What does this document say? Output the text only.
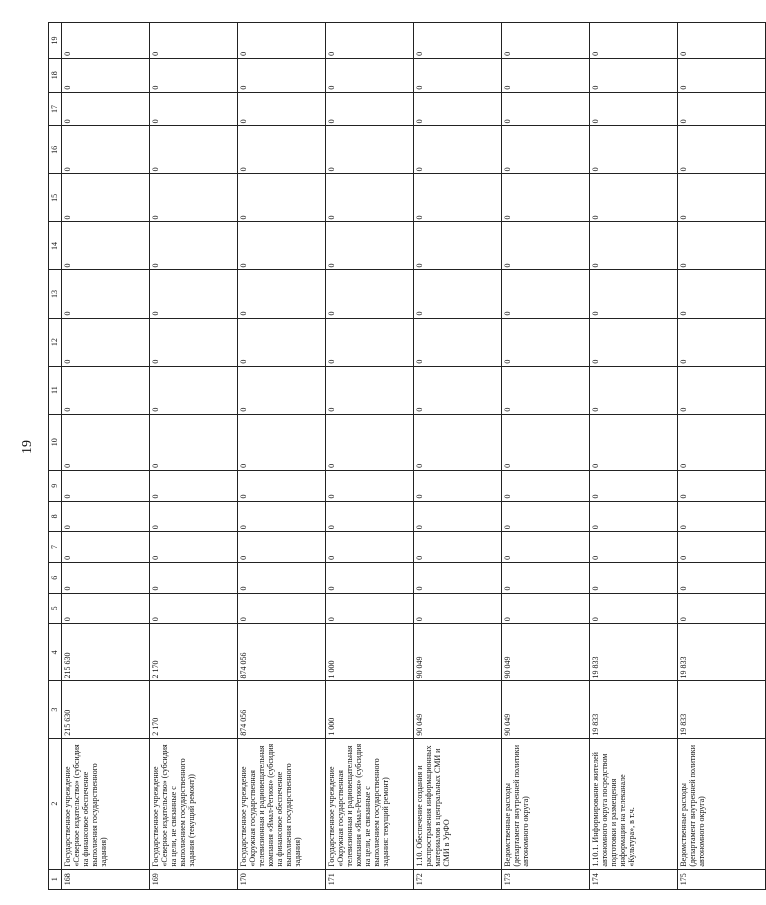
19
1	2	3	4	5	6	7	8	9	10	11	12	13	14	15	16	17	18	19
168	Государственное учреждение «Северное издательство» (субсидия на финансовое обеспечение выполнения государственного задания)	215 630	215 630	0	0	0	0	0	0	0	0	0	0	0	0	0	0	0
169	Государственное учреждение «Северное издательство» (субсидия на цели, не связанные с выполнением государственного задания (текущий ремонт))	2 170	2 170	0	0	0	0	0	0	0	0	0	0	0	0	0	0	0
170	Государственное учреждение «Окружная государственная телевизионная и радиовещательная компания «Ямал-Регион» (субсидия на финансовое обеспечение выполнения государственного задания)	874 056	874 056	0	0	0	0	0	0	0	0	0	0	0	0	0	0	0
171	Государственное учреждение «Окружная государственная телевизионная и радиовещательная компания «Ямал-Регион» (субсидия на цели, не связанные с выполнением государственного задания: текущий ремонт)	1 000	1 000	0	0	0	0	0	0	0	0	0	0	0	0	0	0	0
172	1.10. Обеспечение создания и распространения информационных материалов в центральных СМИ и СМИ в УрФО	90 049	90 049	0	0	0	0	0	0	0	0	0	0	0	0	0	0	0
173	Ведомственные расходы (департамент внутренней политики автономного округа)	90 049	90 049	0	0	0	0	0	0	0	0	0	0	0	0	0	0	0
174	1.10.1. Информирование жителей автономного округа посредством подготовки и размещения информации на телеканале «Культура», в т.ч.	19 833	19 833	0	0	0	0	0	0	0	0	0	0	0	0	0	0	0
175	Ведомственные расходы (департамент внутренней политики автономного округа)	19 833	19 833	0	0	0	0	0	0	0	0	0	0	0	0	0	0	0
